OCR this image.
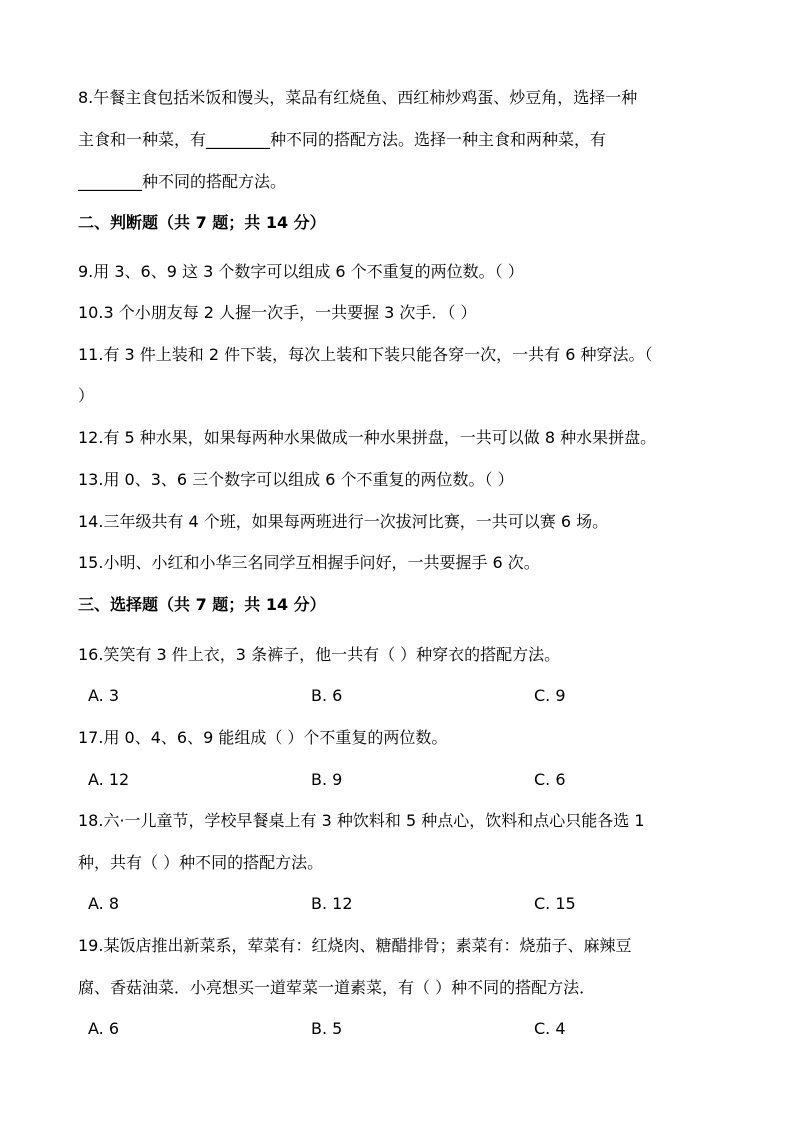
8.午餐主食包括米饭和馒头，菜品有红烧鱼、西红柿炒鸡蛋、炒豆角，选择一种
主食和一种菜，有________种不同的搭配方法。选择一种主食和两种菜，有
________种不同的搭配方法。
二、判断题（共 7 题；共 14 分）
9.用 3、6、9 这 3 个数字可以组成 6 个不重复的两位数。（ ）
10.3 个小朋友每 2 人握一次手，一共要握 3 次手．（ ）
11.有 3 件上装和 2 件下装，每次上装和下装只能各穿一次，一共有 6 种穿法。（
）
12.有 5 种水果，如果每两种水果做成一种水果拼盘，一共可以做 8 种水果拼盘。
13.用 0、3、6 三个数字可以组成 6 个不重复的两位数。（ ）
14.三年级共有 4 个班，如果每两班进行一次拔河比赛，一共可以赛 6 场。
15.小明、小红和小华三名同学互相握手问好，一共要握手 6 次。
三、选择题（共 7 题；共 14 分）
16.笑笑有 3 件上衣，3 条裤子，他一共有（ ）种穿衣的搭配方法。
A. 3	B. 6	C. 9
17.用 0、4、6、9 能组成（ ）个不重复的两位数。
A. 12	B. 9	C. 6
18.六·一儿童节，学校早餐桌上有 3 种饮料和 5 种点心，饮料和点心只能各选 1
种，共有（ ）种不同的搭配方法。
A. 8	B. 12	C. 15
19.某饭店推出新菜系，荤菜有：红烧肉、糖醋排骨；素菜有：烧茄子、麻辣豆
腐、香菇油菜．小亮想买一道荤菜一道素菜，有（ ）种不同的搭配方法．
A. 6	B. 5	C. 4
